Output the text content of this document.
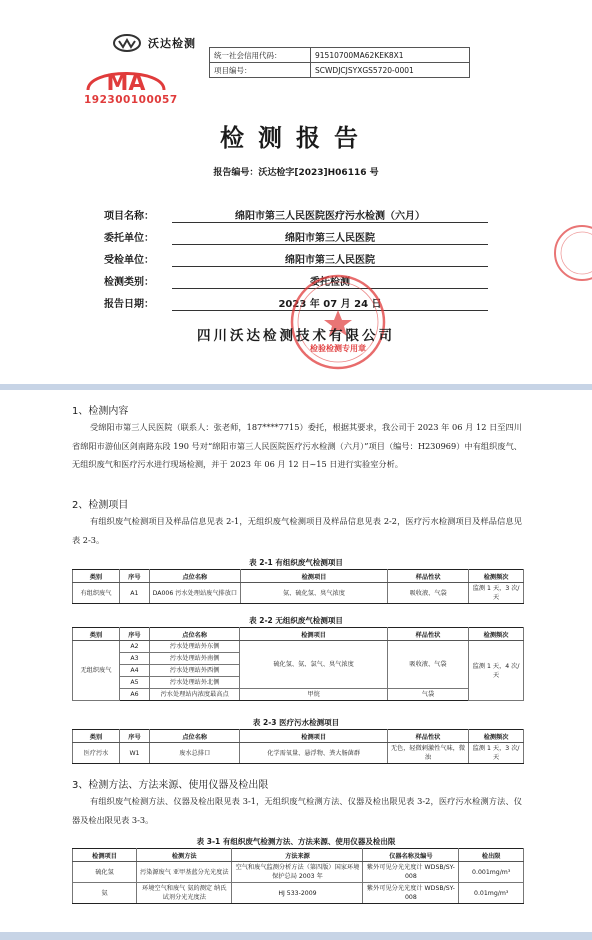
沃达检测
统一社会信用代码：	91510700MA62KEK8X1
项目编号：	SCWDJCJSYXGS5720-0001
MA
192300100057
检测报告
报告编号：沃达检字[2023]H06116 号
项目名称：	绵阳市第三人民医院医疗污水检测（六月）
委托单位：	绵阳市第三人民医院
受检单位：	绵阳市第三人民医院
检测类别：	委托检测
报告日期：	2023 年 07 月 24 日
检验检测专用章
四川沃达检测技术有限公司
1、检测内容
受绵阳市第三人民医院（联系人：张老师，187****7715）委托，根据其要求，我公司于 2023 年 06 月 12 日至四川省绵阳市游仙区剑南路东段 190 号对“绵阳市第三人民医院医疗污水检测（六月）”项目（编号：H230969）中有组织废气、无组织废气和医疗污水进行现场检测，并于 2023 年 06 月 12 日~15 日进行实验室分析。
2、检测项目
有组织废气检测项目及样品信息见表 2-1，无组织废气检测项目及样品信息见表 2-2，医疗污水检测项目及样品信息见表 2-3。
表 2-1 有组织废气检测项目
类别	序号	点位名称	检测项目	样品性状	检测频次
有组织废气	A1	DA006 污水处理站废气排放口	氨、硫化氢、臭气浓度	吸收液、气袋	监测 1 天，3 次/天
表 2-2 无组织废气检测项目
类别	序号	点位名称	检测项目	样品性状	检测频次
无组织废气	A2	污水处理站外东侧	硫化氢、氨、氯气、臭气浓度	吸收液、气袋	监测 1 天，4 次/天
	A3	污水处理站外南侧			
	A4	污水处理站外西侧			
	A5	污水处理站外北侧			
	A6	污水处理站内浓度最高点	甲烷	气袋	
表 2-3 医疗污水检测项目
类别	序号	点位名称	检测项目	样品性状	检测频次
医疗污水	W1	废水总排口	化学需氧量、悬浮物、粪大肠菌群	无色，轻微刺激性气味，微浊	监测 1 天，3 次/天
3、检测方法、方法来源、使用仪器及检出限
有组织废气检测方法、仪器及检出限见表 3-1，无组织废气检测方法、仪器及检出限见表 3-2，医疗污水检测方法、仪器及检出限见表 3-3。
表 3-1 有组织废气检测方法、方法来源、使用仪器及检出限
检测项目	检测方法	方法来源	仪器名称及编号	检出限
硫化氢	污染源废气 亚甲基蓝分光光度法	空气和废气监测分析方法（第四版）国家环境保护总局 2003 年	紫外可见分光光度计 WDSB/SY-008	0.001mg/m³
氨	环境空气和废气 氨的测定 纳氏试剂分光光度法	HJ 533-2009	紫外可见分光光度计 WDSB/SY-008	0.01mg/m³
